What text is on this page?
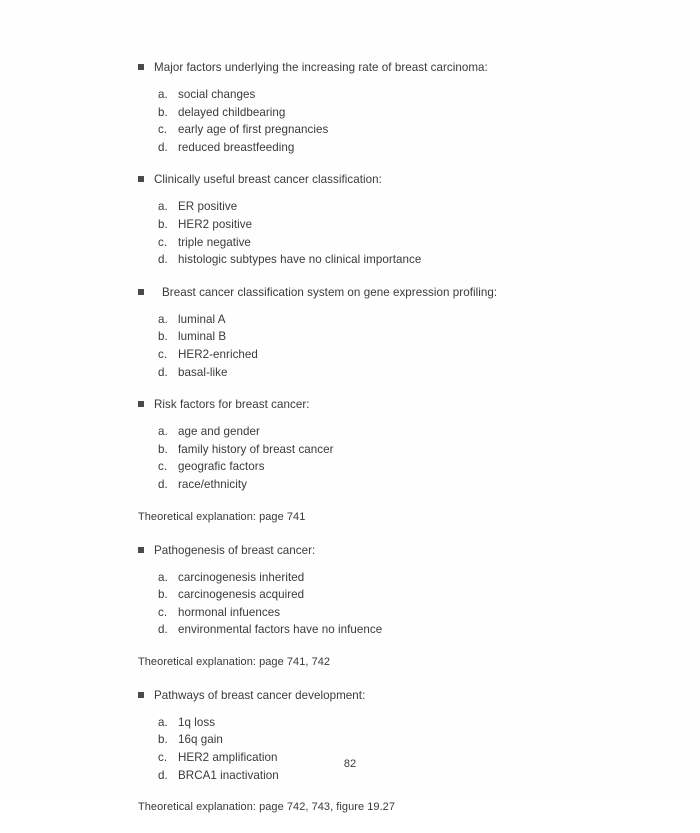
Major factors underlying the increasing rate of breast carcinoma:
a. social changes
b. delayed childbearing
c. early age of first pregnancies
d. reduced breastfeeding
Clinically useful breast cancer classification:
a. ER positive
b. HER2 positive
c. triple negative
d. histologic subtypes have no clinical importance
Breast cancer classification system on gene expression profiling:
a. luminal A
b. luminal B
c. HER2-enriched
d. basal-like
Risk factors for breast cancer:
a. age and gender
b. family history of breast cancer
c. geografic factors
d. race/ethnicity
Theoretical explanation: page 741
Pathogenesis of breast cancer:
a. carcinogenesis inherited
b. carcinogenesis acquired
c. hormonal infuences
d. environmental factors have no infuence
Theoretical explanation: page 741, 742
Pathways of breast cancer development:
a. 1q loss
b. 16q gain
c. HER2 amplification
d. BRCA1 inactivation
Theoretical explanation: page 742, 743, figure 19.27
82
